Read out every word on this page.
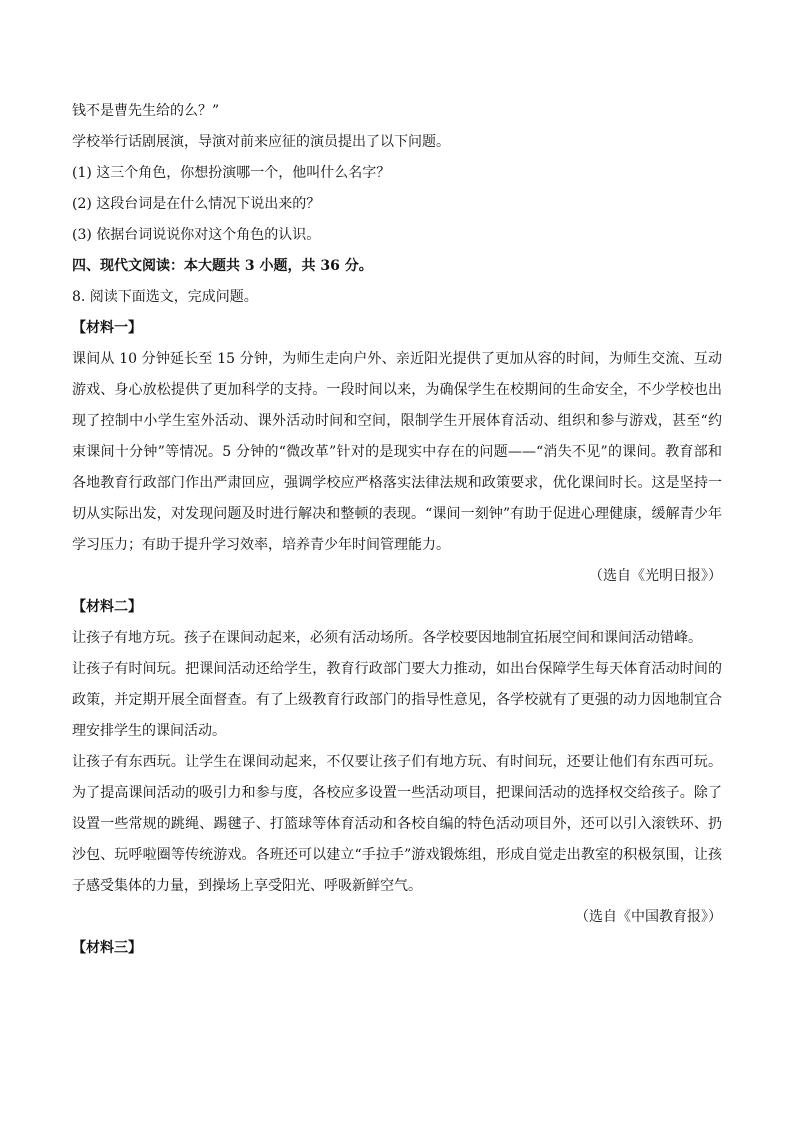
钱不是曹先生给的么？”
学校举行话剧展演，导演对前来应征的演员提出了以下问题。
(1) 这三个角色，你想扮演哪一个，他叫什么名字？
(2) 这段台词是在什么情况下说出来的？
(3) 依据台词说说你对这个角色的认识。
四、现代文阅读：本大题共 3 小题，共 36 分。
8. 阅读下面选文，完成问题。
【材料一】

课间从 10 分钟延长至 15 分钟，为师生走向户外、亲近阳光提供了更加从容的时间，为师生交流、互动游戏、身心放松提供了更加科学的支持。一段时间以来，为确保学生在校期间的生命安全，不少学校也出现了控制中小学生室外活动、课外活动时间和空间，限制学生开展体育活动、组织和参与游戏，甚至“约束课间十分钟”等情况。5 分钟的“微改革”针对的是现实中存在的问题——“消失不见”的课间。教育部和各地教育行政部门作出严肃回应，强调学校应严格落实法律法规和政策要求，优化课间时长。这是坚持一切从实际出发，对发现问题及时进行解决和整顿的表现。“课间一刻钟”有助于促进心理健康，缓解青少年学习压力；有助于提升学习效率，培养青少年时间管理能力。

（选自《光明日报》）
【材料二】

让孩子有地方玩。孩子在课间动起来，必须有活动场所。各学校要因地制宜拓展空间和课间活动错峰。

让孩子有时间玩。把课间活动还给学生，教育行政部门要大力推动，如出台保障学生每天体育活动时间的政策，并定期开展全面督查。有了上级教育行政部门的指导性意见，各学校就有了更强的动力因地制宜合理安排学生的课间活动。

让孩子有东西玩。让学生在课间动起来，不仅要让孩子们有地方玩、有时间玩，还要让他们有东西可玩。为了提高课间活动的吸引力和参与度，各校应多设置一些活动项目，把课间活动的选择权交给孩子。除了设置一些常规的跳绳、踢毽子、打篮球等体育活动和各校自编的特色活动项目外，还可以引入滚铁环、扔沙包、玩呼啦圈等传统游戏。各班还可以建立“手拉手”游戏锻炼组，形成自觉走出教室的积极氛围，让孩子感受集体的力量，到操场上享受阳光、呼吸新鲜空气。

（选自《中国教育报》）
【材料三】
